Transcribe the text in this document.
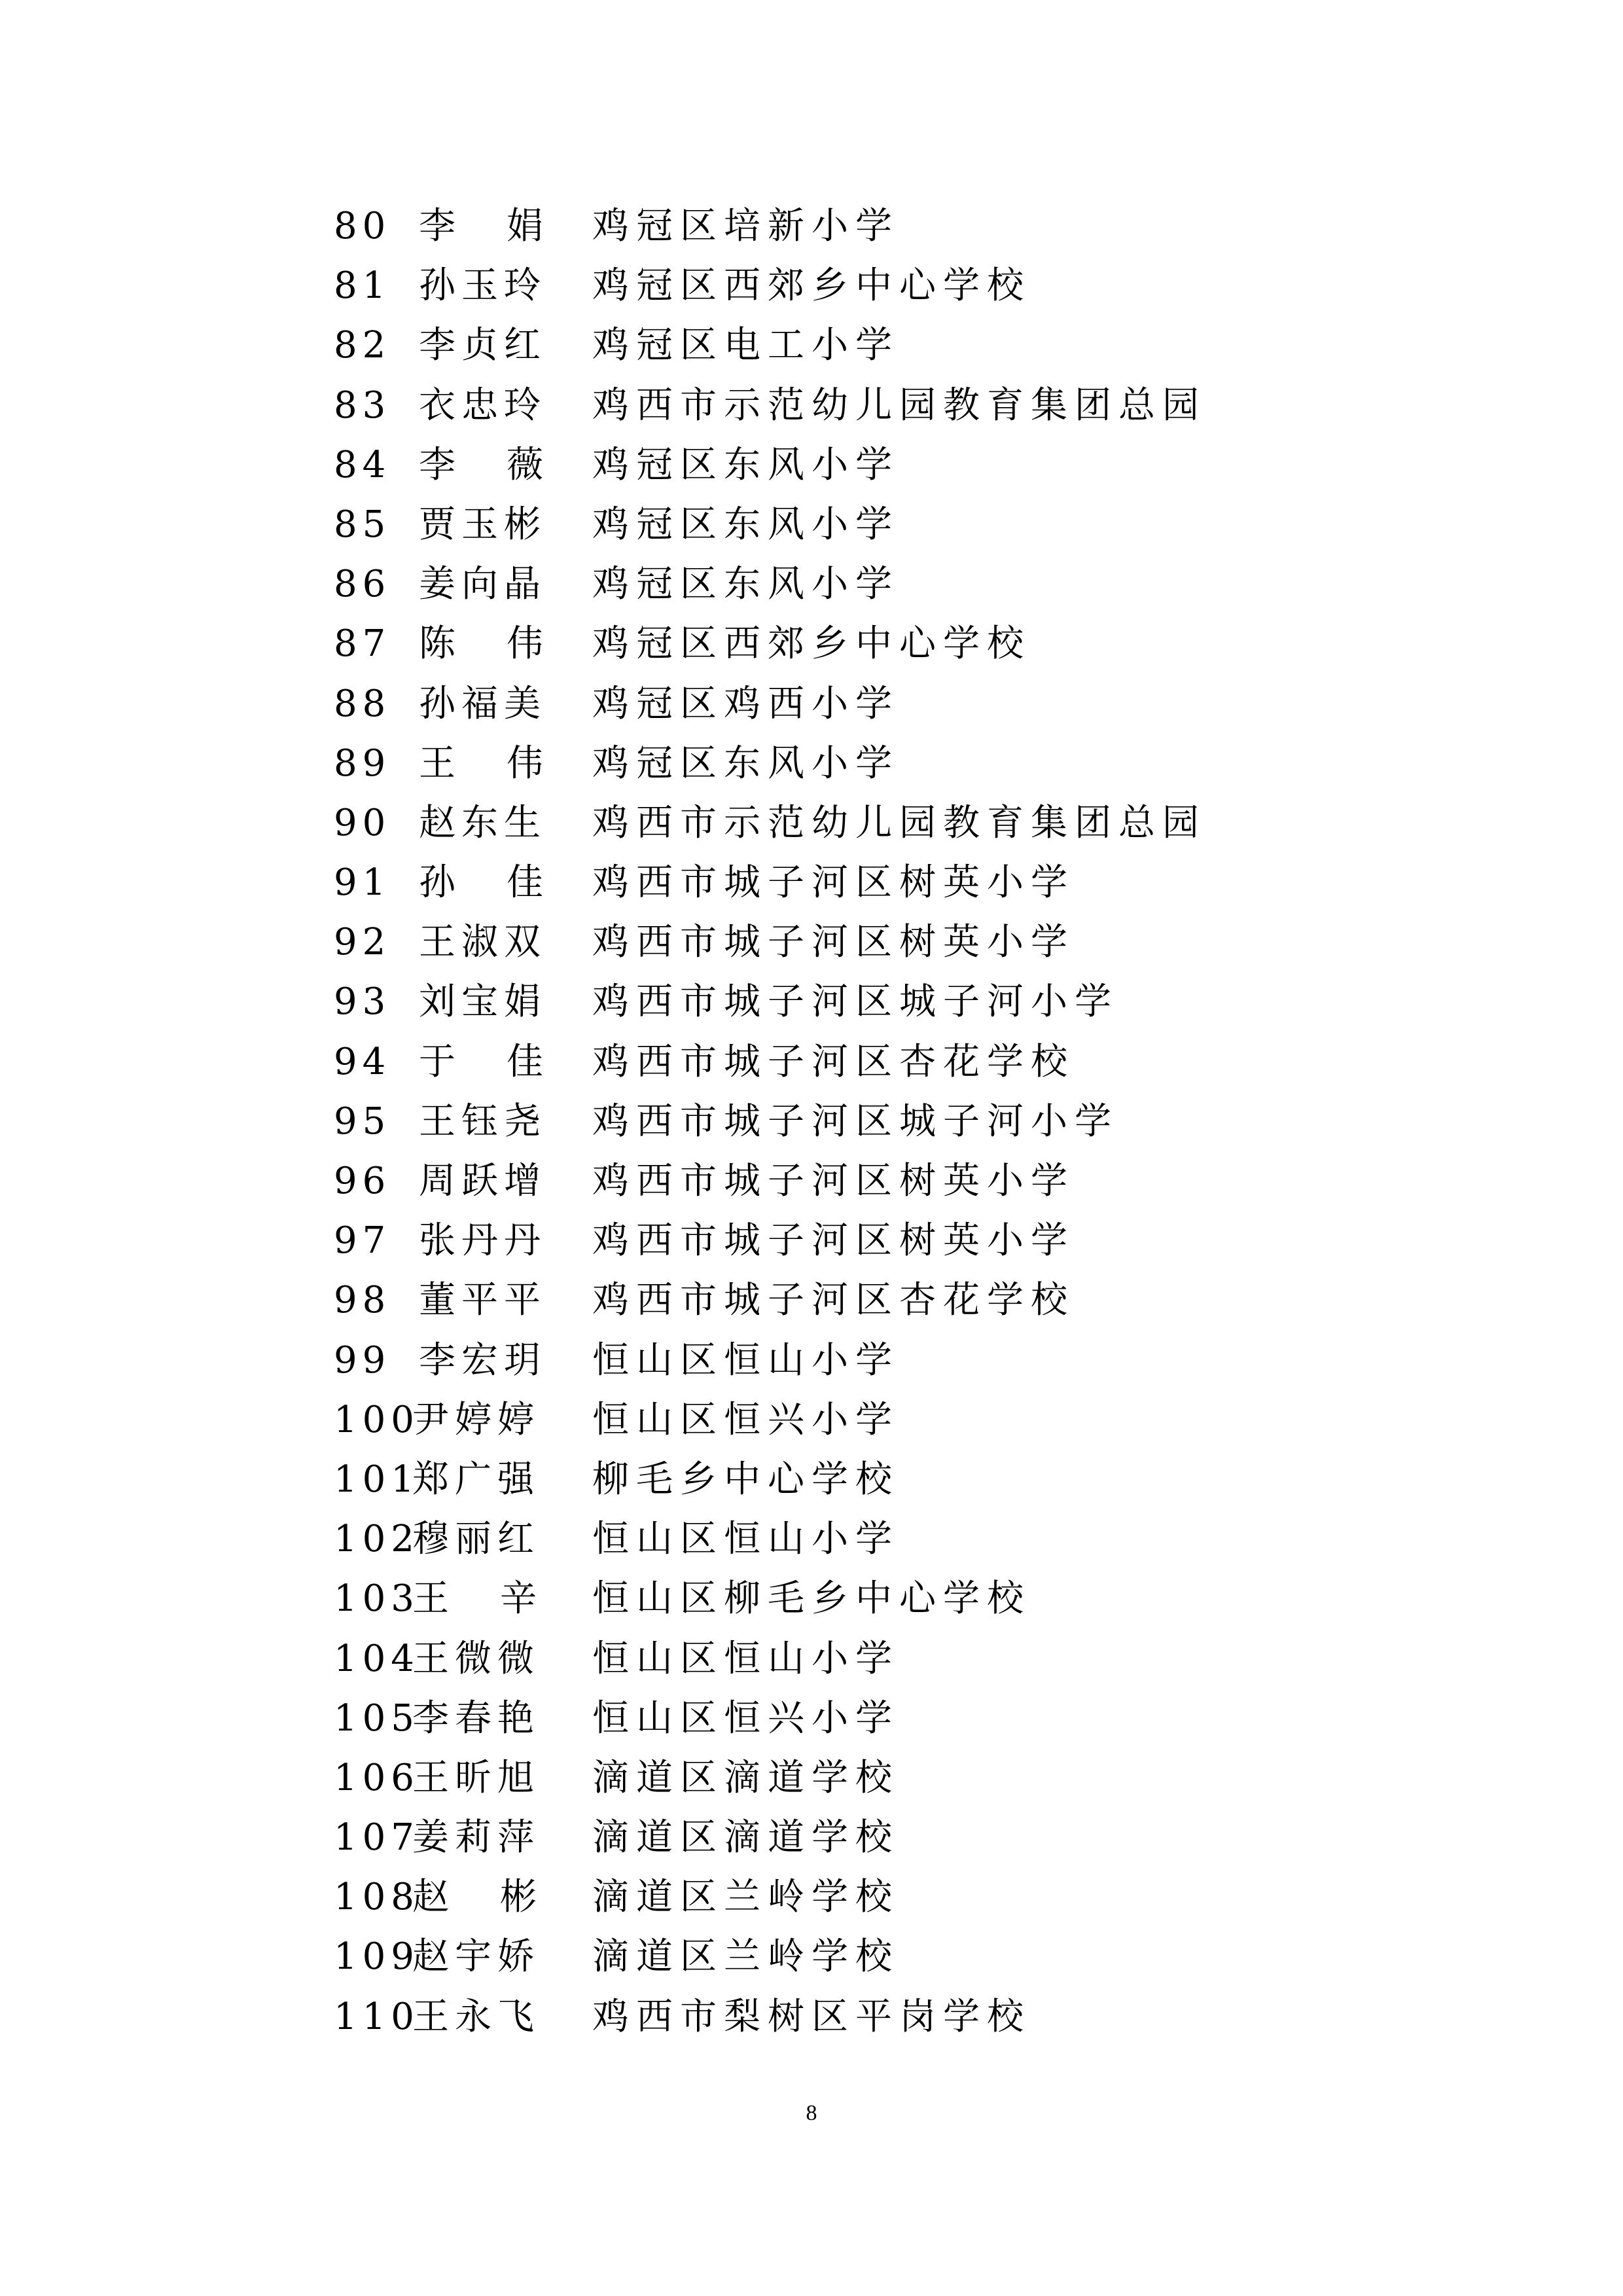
80 李 娟 鸡冠区培新小学
81 孙玉玲 鸡冠区西郊乡中心学校
82 李贞红 鸡冠区电工小学
83 衣忠玲 鸡西市示范幼儿园教育集团总园
84 李 薇 鸡冠区东风小学
85 贾玉彬 鸡冠区东风小学
86 姜向晶 鸡冠区东风小学
87 陈 伟 鸡冠区西郊乡中心学校
88 孙福美 鸡冠区鸡西小学
89 王 伟 鸡冠区东风小学
90 赵东生 鸡西市示范幼儿园教育集团总园
91 孙 佳 鸡西市城子河区树英小学
92 王淑双 鸡西市城子河区树英小学
93 刘宝娟 鸡西市城子河区城子河小学
94 于 佳 鸡西市城子河区杏花学校
95 王钰尧 鸡西市城子河区城子河小学
96 周跃增 鸡西市城子河区树英小学
97 张丹丹 鸡西市城子河区树英小学
98 董平平 鸡西市城子河区杏花学校
99 李宏玥 恒山区恒山小学
100
尹婷婷 恒山区恒兴小学
101
郑广强 柳毛乡中心学校
102
穆丽红 恒山区恒山小学
103
王 辛 恒山区柳毛乡中心学校
104
王微微 恒山区恒山小学
105
李春艳 恒山区恒兴小学
106
王昕旭 滴道区滴道学校
107
姜莉萍 滴道区滴道学校
108
赵 彬 滴道区兰岭学校
109
赵宇娇 滴道区兰岭学校
110
王永飞 鸡西市梨树区平岗学校
8
